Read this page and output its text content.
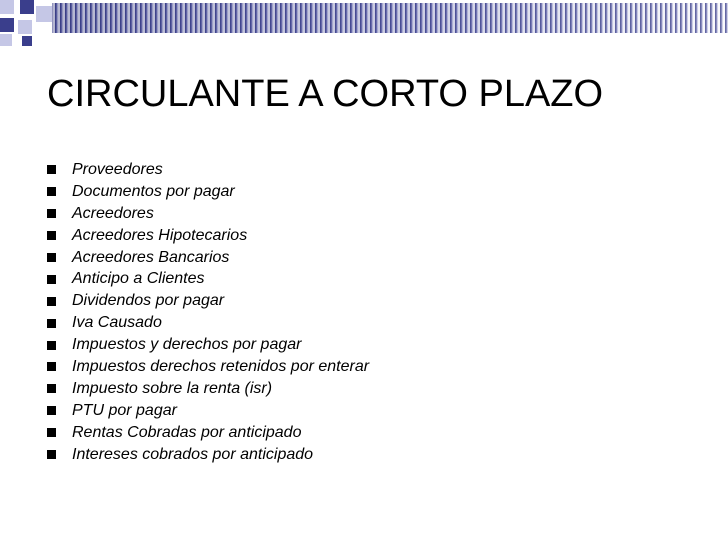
CIRCULANTE A CORTO PLAZO
Proveedores
Documentos por pagar
Acreedores
Acreedores Hipotecarios
Acreedores Bancarios
Anticipo a Clientes
Dividendos por pagar
Iva Causado
Impuestos y derechos por pagar
Impuestos derechos retenidos por enterar
Impuesto sobre la renta (isr)
PTU por pagar
Rentas Cobradas por anticipado
Intereses cobrados por anticipado
